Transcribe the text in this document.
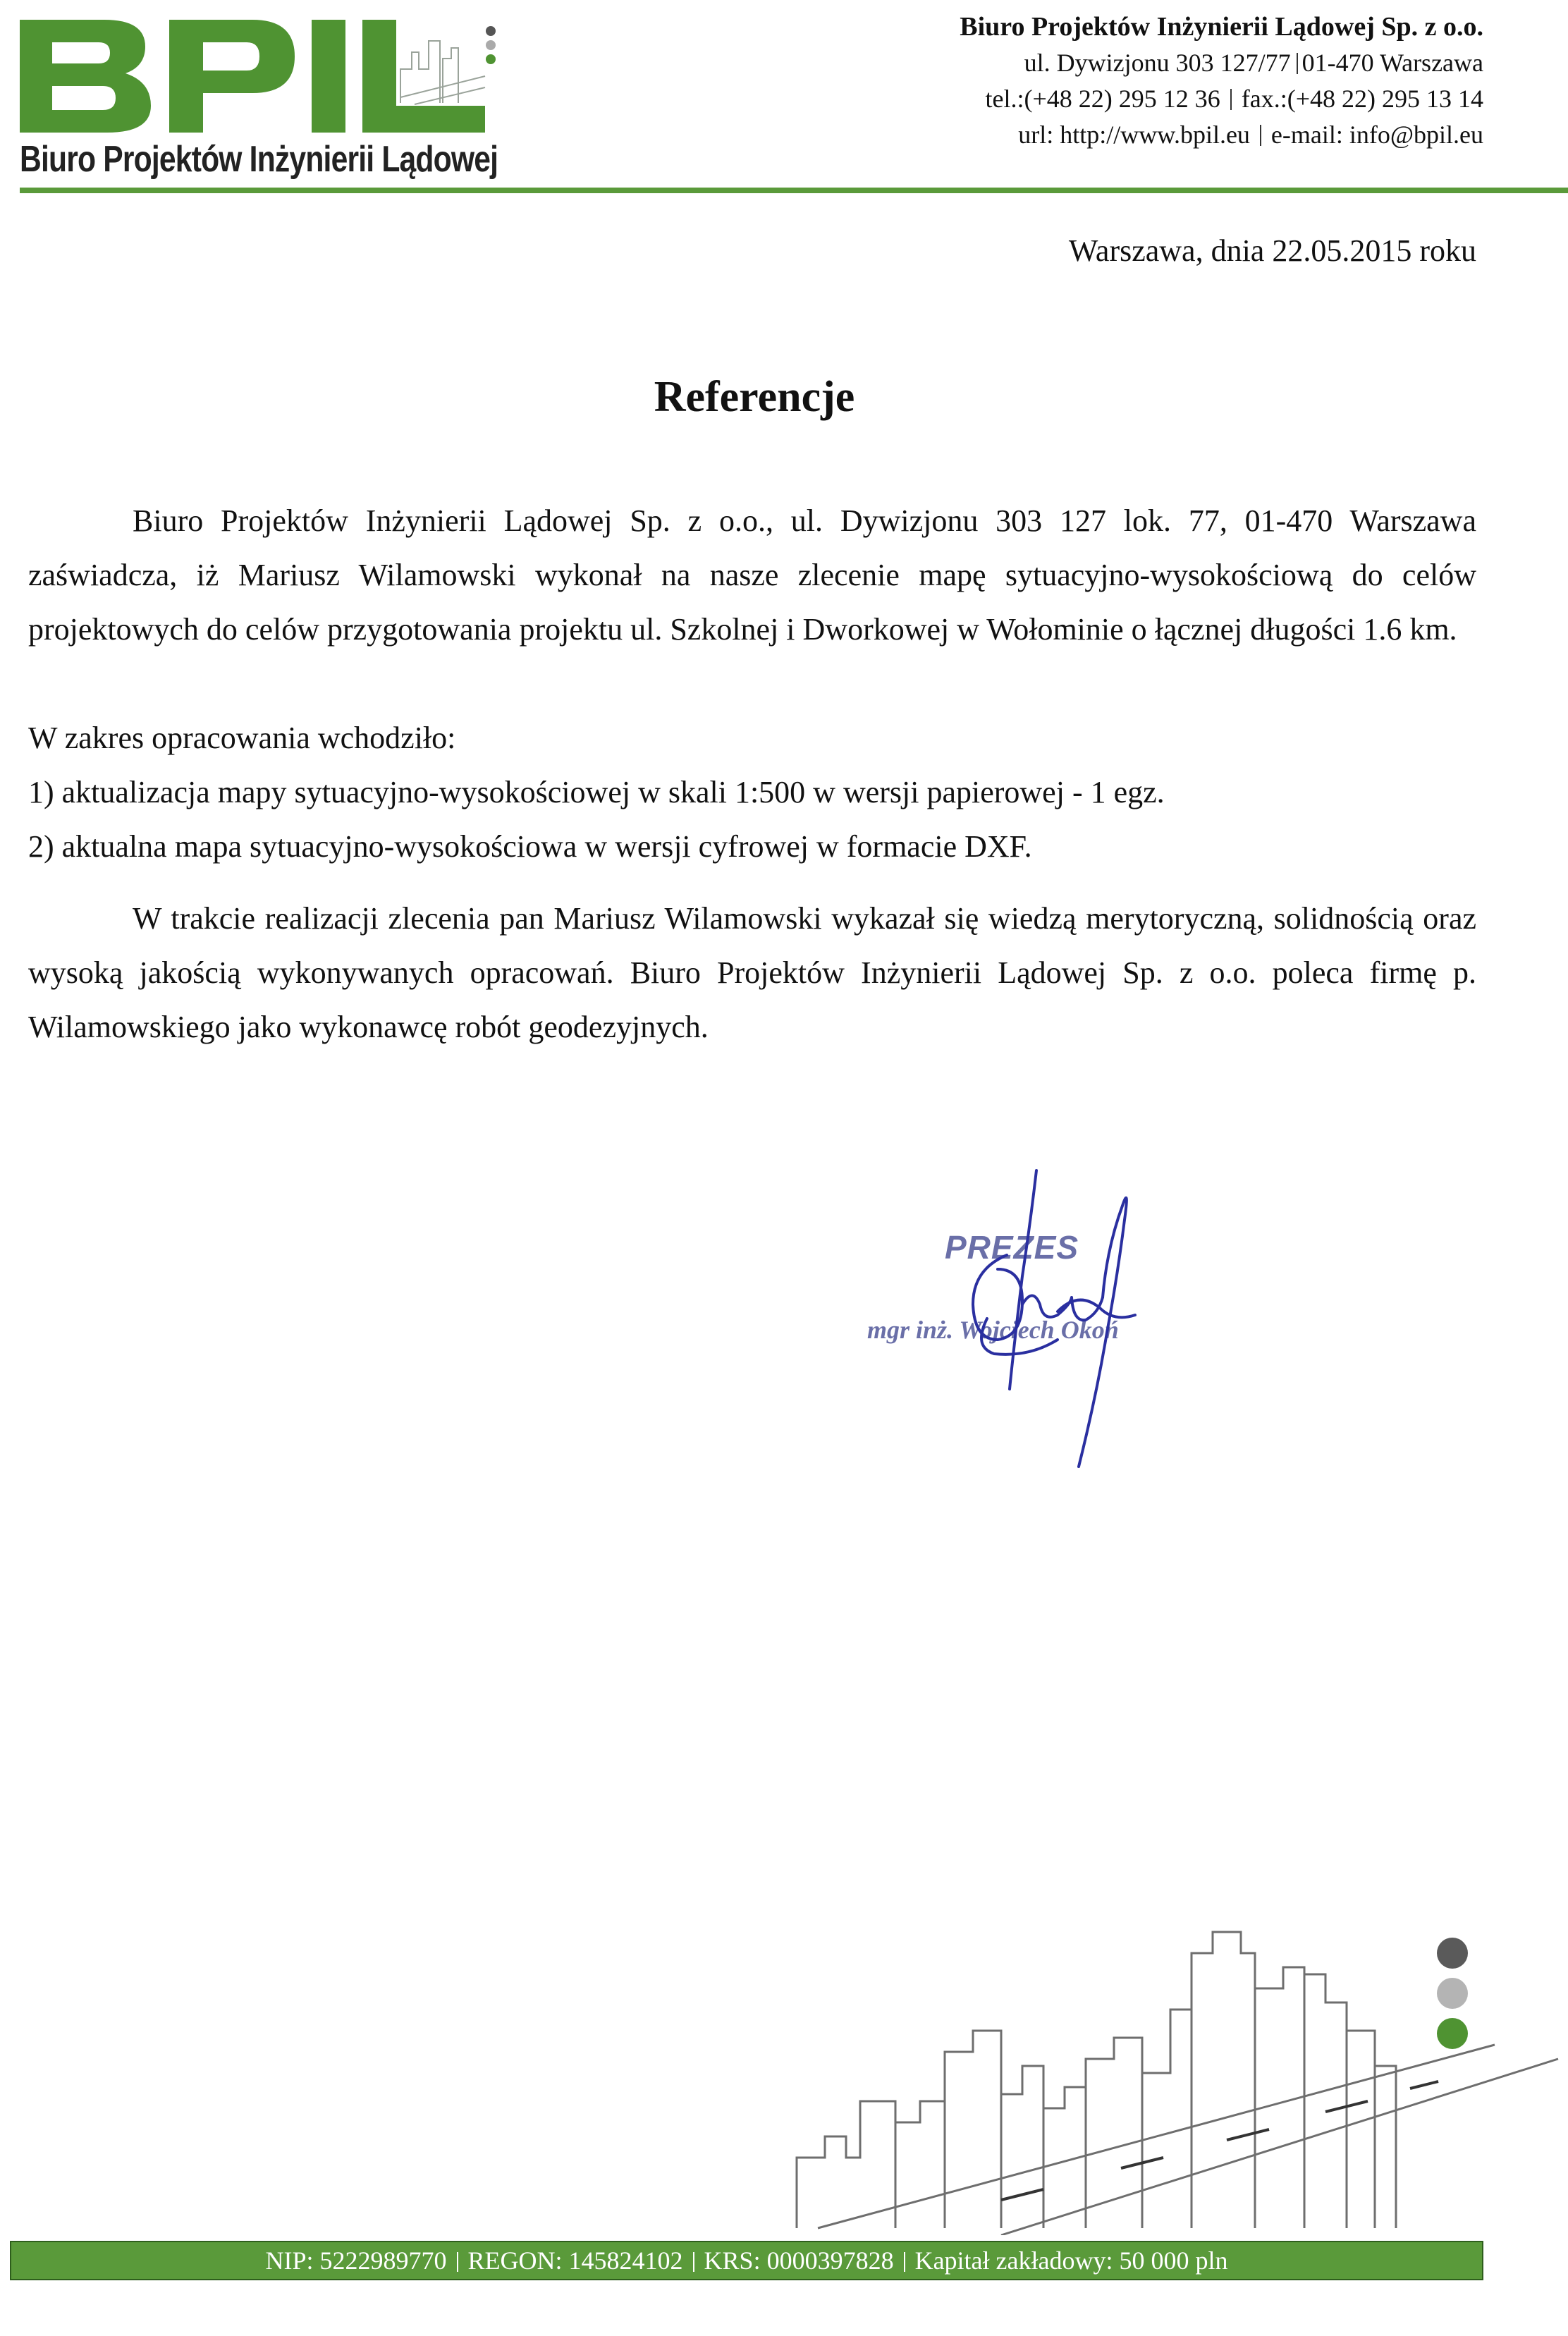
Biuro Projektów Inżynierii Lądowej
Biuro Projektów Inżynierii Lądowej Sp. z o.o.
ul. Dywizjonu 303 127/77 01-470 Warszawa
tel.:(+48 22) 295 12 36 fax.:(+48 22) 295 13 14
url: http://www.bpil.eu e-mail: info@bpil.eu
Warszawa, dnia 22.05.2015 roku
Referencje
Biuro Projektów Inżynierii Lądowej Sp. z o.o., ul. Dywizjonu 303 127 lok. 77, 01-470 Warszawa zaświadcza, iż Mariusz Wilamowski wykonał na nasze zlecenie mapę sytuacyjno-wysokościową do celów projektowych do celów przygotowania projektu ul. Szkolnej i Dworkowej w Wołominie o łącznej długości 1.6 km.
W zakres opracowania wchodziło:
1) aktualizacja mapy sytuacyjno-wysokościowej w skali 1:500 w wersji papierowej - 1 egz.
2) aktualna mapa sytuacyjno-wysokościowa w wersji cyfrowej w formacie DXF.
W trakcie realizacji zlecenia pan Mariusz Wilamowski wykazał się wiedzą merytoryczną, solidnością oraz wysoką jakością wykonywanych opracowań. Biuro Projektów Inżynierii Lądowej Sp. z o.o. poleca firmę p. Wilamowskiego jako wykonawcę robót geodezyjnych.
PREZES
mgr inż. Wojciech Okoń
NIP: 5222989770 REGON: 145824102 KRS: 0000397828 Kapitał zakładowy: 50 000 pln
